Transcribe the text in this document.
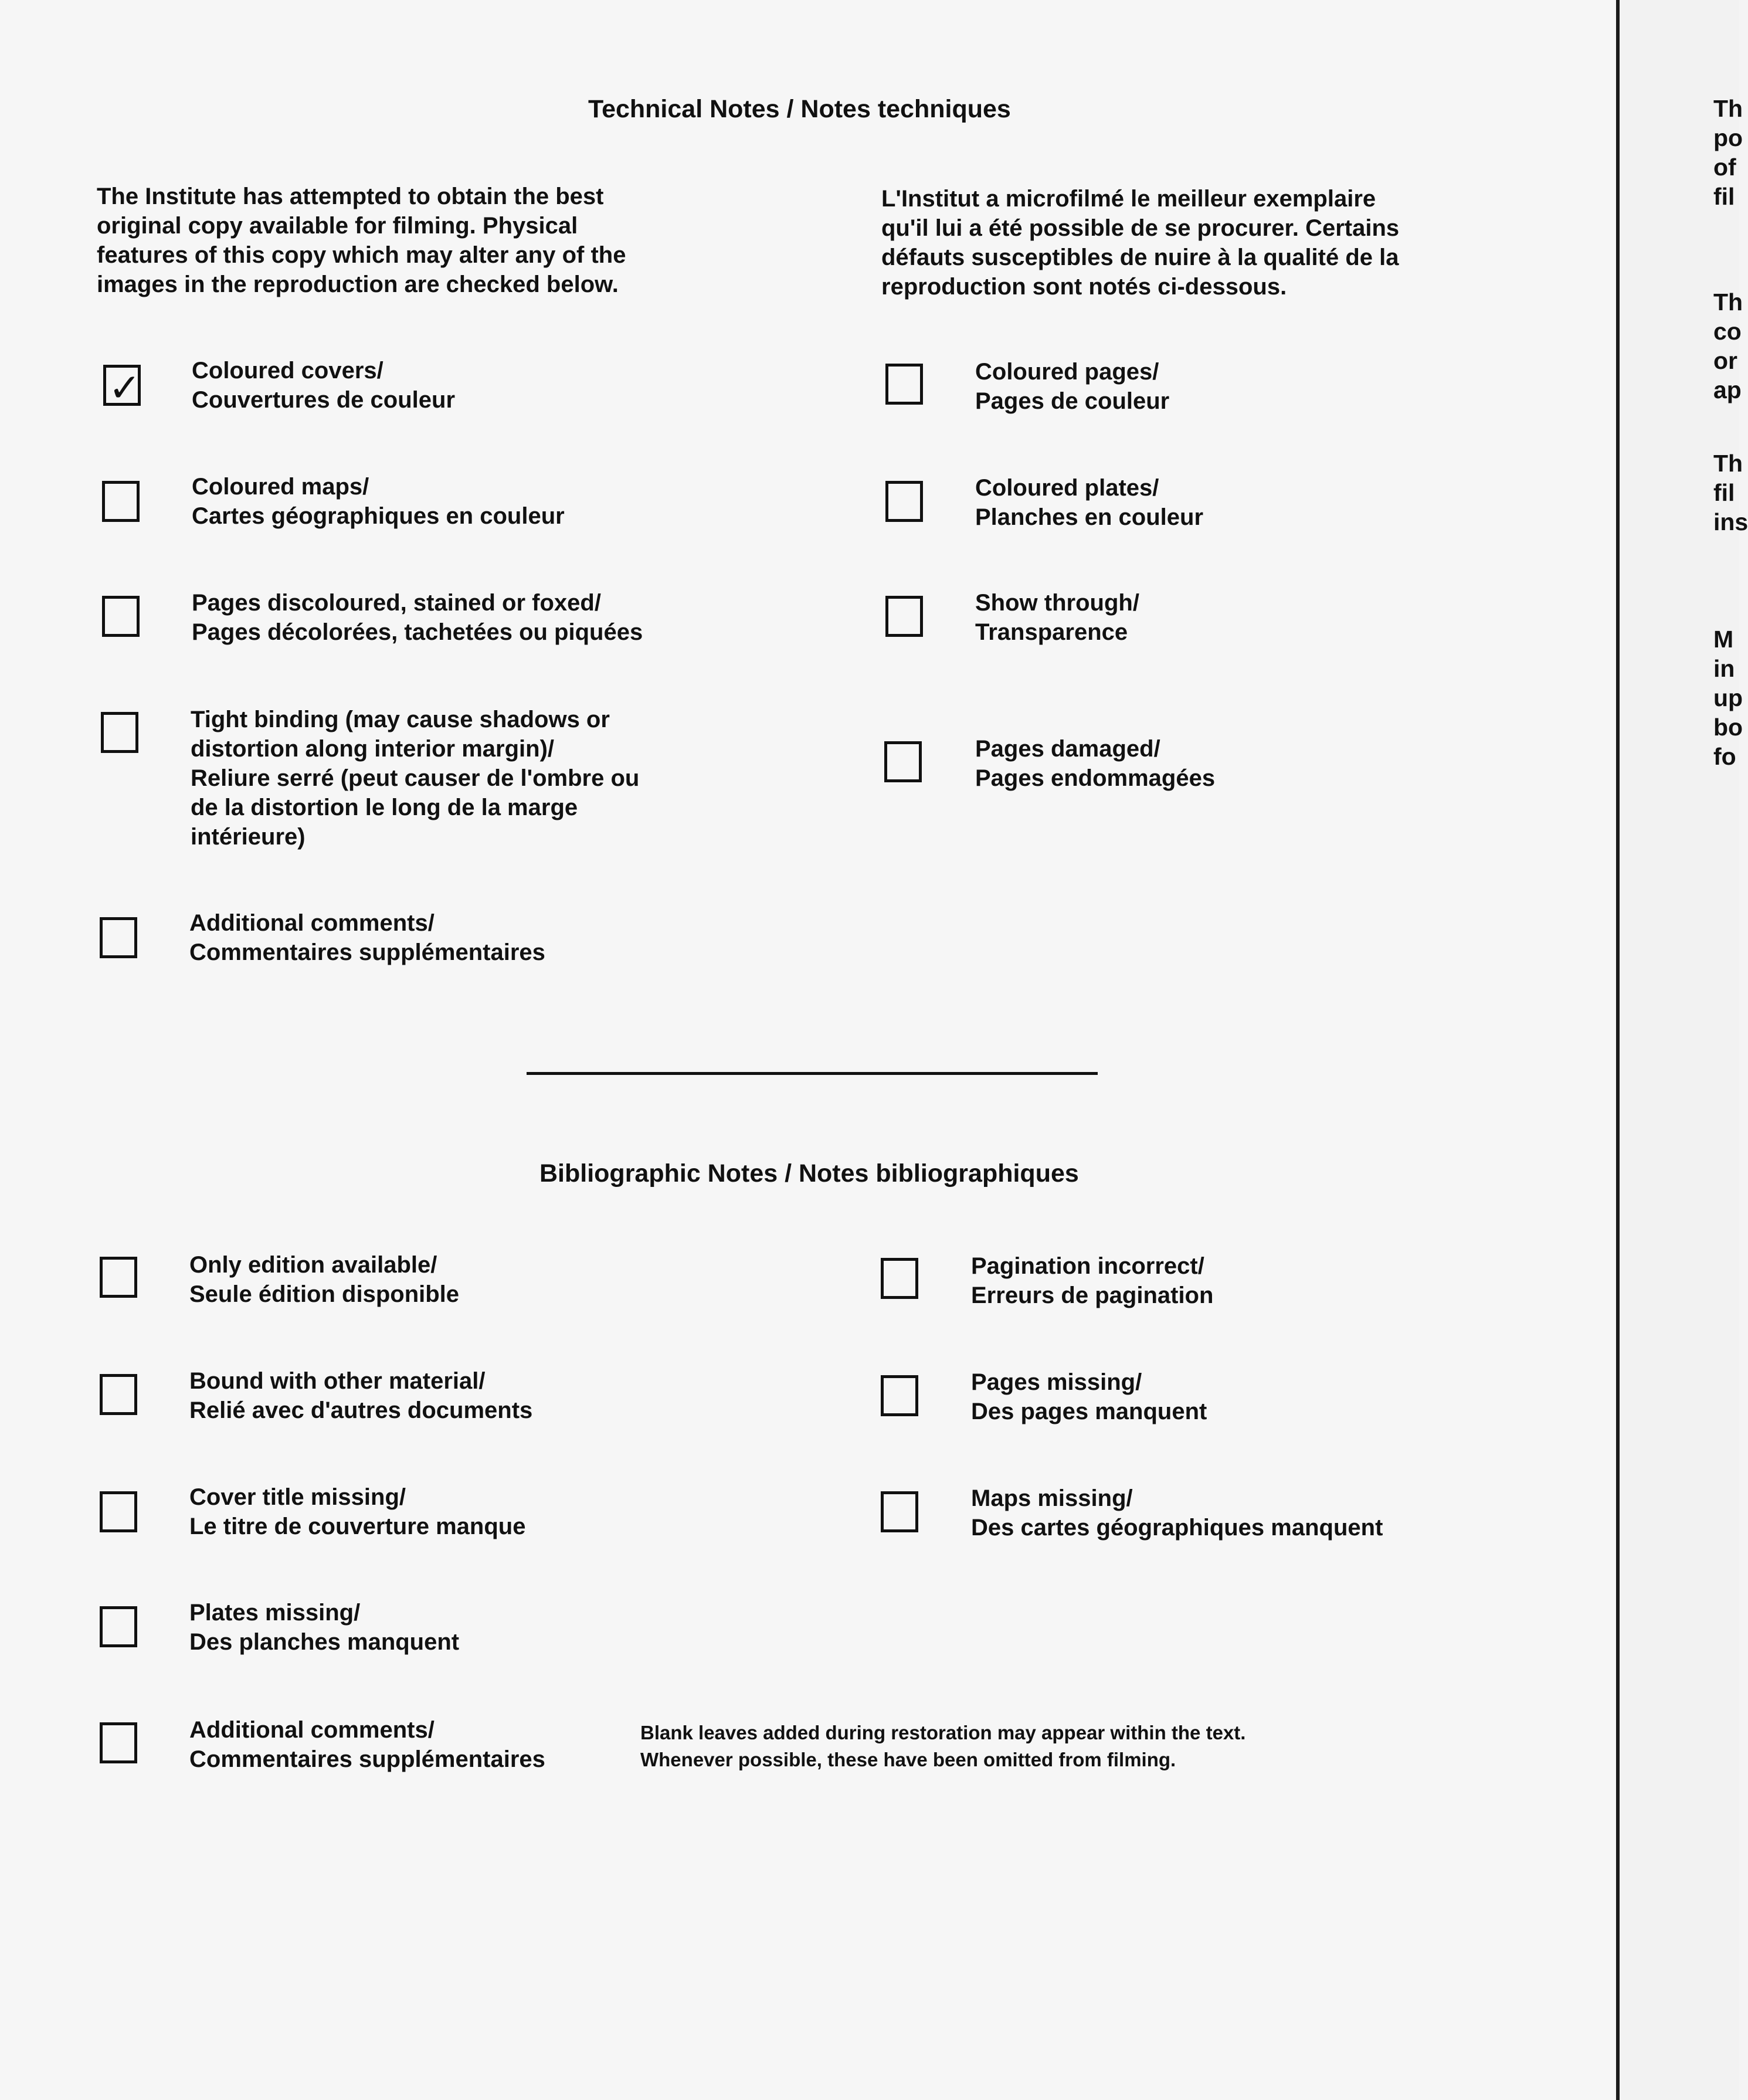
Technical Notes / Notes techniques
The Institute has attempted to obtain the best
original copy available for filming. Physical
features of this copy which may alter any of the
images in the reproduction are checked below.
L'Institut a microfilmé le meilleur exemplaire
qu'il lui a été possible de se procurer. Certains
défauts susceptibles de nuire à la qualité de la
reproduction sont notés ci-dessous.
✓ Coloured covers/
Couvertures de couleur
Coloured maps/
Cartes géographiques en couleur
Pages discoloured, stained or foxed/
Pages décolorées, tachetées ou piquées
Tight binding (may cause shadows or
distortion along interior margin)/
Reliure serré (peut causer de l'ombre ou
de la distortion le long de la marge
intérieure)
Additional comments/
Commentaires supplémentaires
Coloured pages/
Pages de couleur
Coloured plates/
Planches en couleur
Show through/
Transparence
Pages damaged/
Pages endommagées
Bibliographic Notes / Notes bibliographiques
Only edition available/
Seule édition disponible
Bound with other material/
Relié avec d'autres documents
Cover title missing/
Le titre de couverture manque
Plates missing/
Des planches manquent
Additional comments/
Commentaires supplémentaires
Blank leaves added during restoration may appear within the text.
Whenever possible, these have been omitted from filming.
Pagination incorrect/
Erreurs de pagination
Pages missing/
Des pages manquent
Maps missing/
Des cartes géographiques manquent
Th
po
of
fil
Th
co
or
ap
Th
fil
ins
M
in
up
bo
fo
